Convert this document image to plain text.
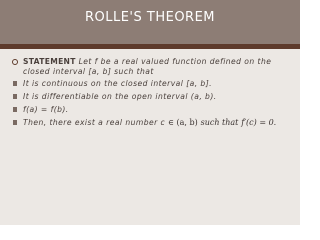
ROLLE'S THEOREM
STATEMENT Let f be a real valued function defined on the closed interval [a, b] such that
It is continuous on the closed interval [a, b].
It is differentiable on the open interval (a, b).
f(a) = f(b).
Then, there exist a real number c ∈ (a, b) such that f′(c) = 0.
